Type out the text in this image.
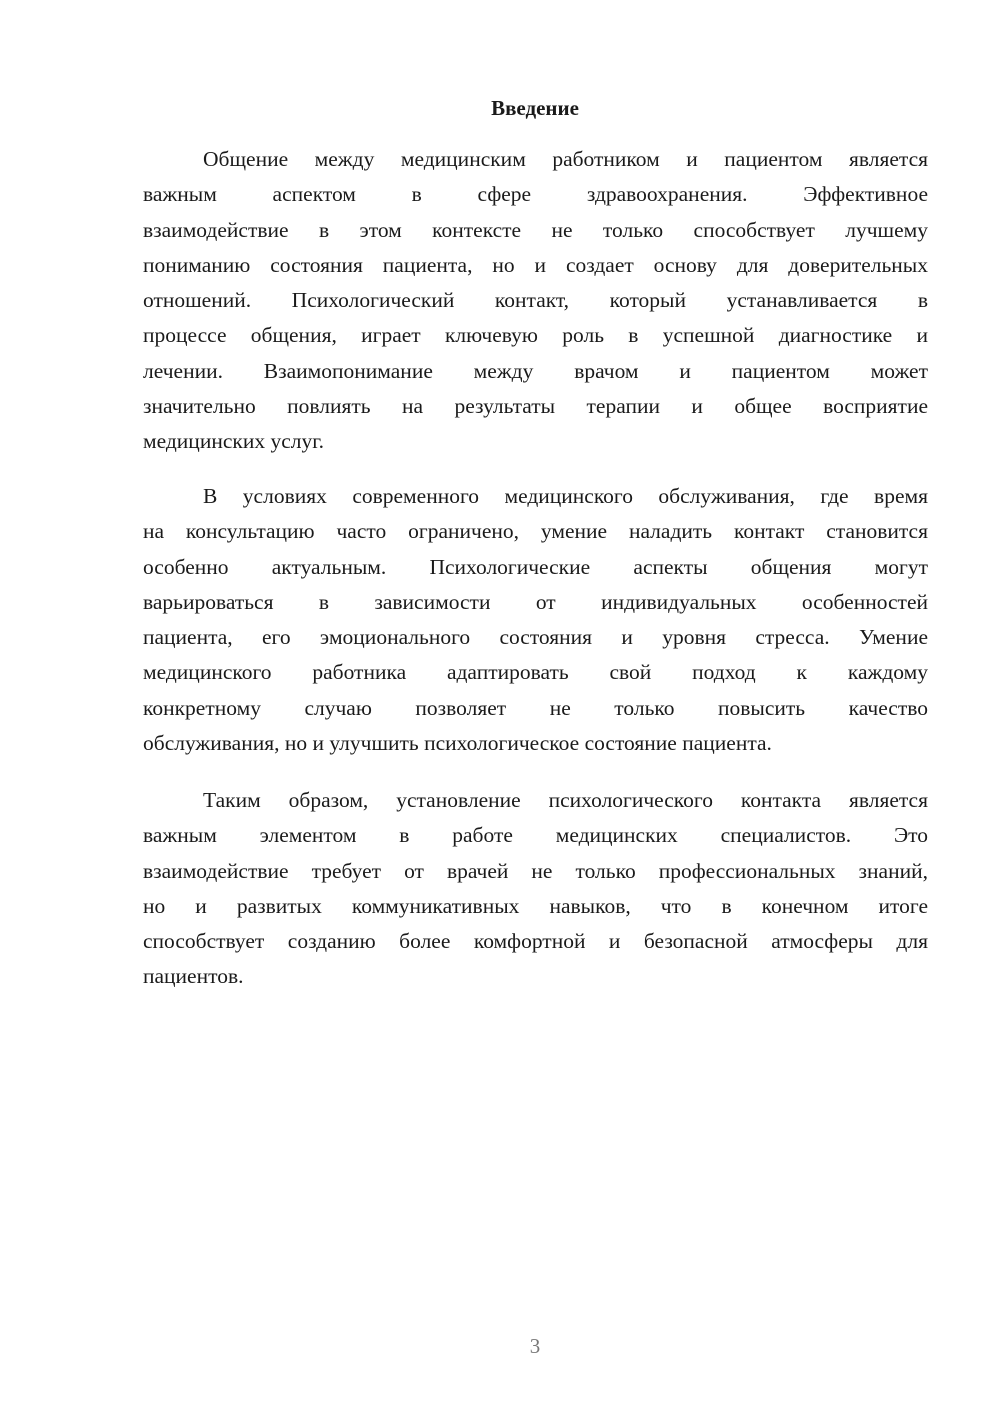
Введение
Общение между медицинским работником и пациентом является
важным аспектом в сфере здравоохранения. Эффективное
взаимодействие в этом контексте не только способствует лучшему
пониманию состояния пациента, но и создает основу для доверительных
отношений. Психологический контакт, который устанавливается в
процессе общения, играет ключевую роль в успешной диагностике и
лечении. Взаимопонимание между врачом и пациентом может
значительно повлиять на результаты терапии и общее восприятие
медицинских услуг.
В условиях современного медицинского обслуживания, где время
на консультацию часто ограничено, умение наладить контакт становится
особенно актуальным. Психологические аспекты общения могут
варьироваться в зависимости от индивидуальных особенностей
пациента, его эмоционального состояния и уровня стресса. Умение
медицинского работника адаптировать свой подход к каждому
конкретному случаю позволяет не только повысить качество
обслуживания, но и улучшить психологическое состояние пациента.
Таким образом, установление психологического контакта является
важным элементом в работе медицинских специалистов. Это
взаимодействие требует от врачей не только профессиональных знаний,
но и развитых коммуникативных навыков, что в конечном итоге
способствует созданию более комфортной и безопасной атмосферы для
пациентов.
3
